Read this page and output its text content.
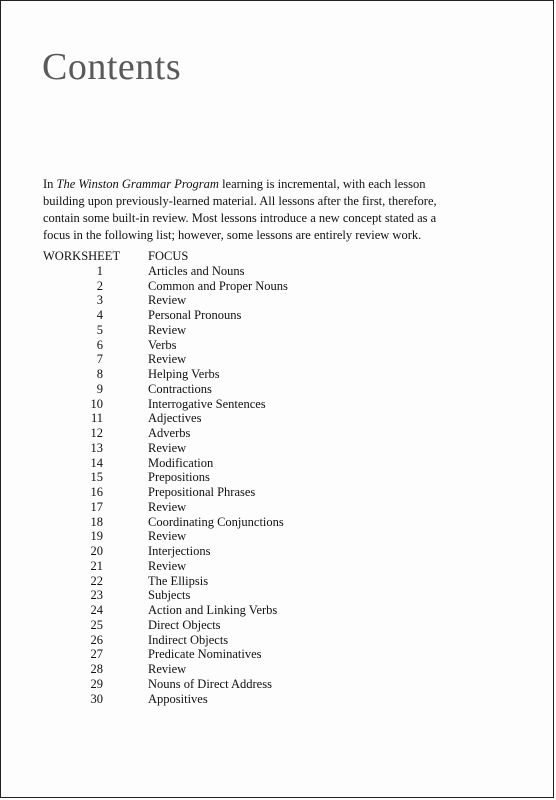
Contents
In The Winston Grammar Program learning is incremental, with each lesson building upon previously-learned material. All lessons after the first, therefore, contain some built-in review. Most lessons introduce a new concept stated as a focus in the following list; however, some lessons are entirely review work.
WORKSHEET	FOCUS
1	Articles and Nouns
2	Common and Proper Nouns
3	Review
4	Personal Pronouns
5	Review
6	Verbs
7	Review
8	Helping Verbs
9	Contractions
10	Interrogative Sentences
11	Adjectives
12	Adverbs
13	Review
14	Modification
15	Prepositions
16	Prepositional Phrases
17	Review
18	Coordinating Conjunctions
19	Review
20	Interjections
21	Review
22	The Ellipsis
23	Subjects
24	Action and Linking Verbs
25	Direct Objects
26	Indirect Objects
27	Predicate Nominatives
28	Review
29	Nouns of Direct Address
30	Appositives
